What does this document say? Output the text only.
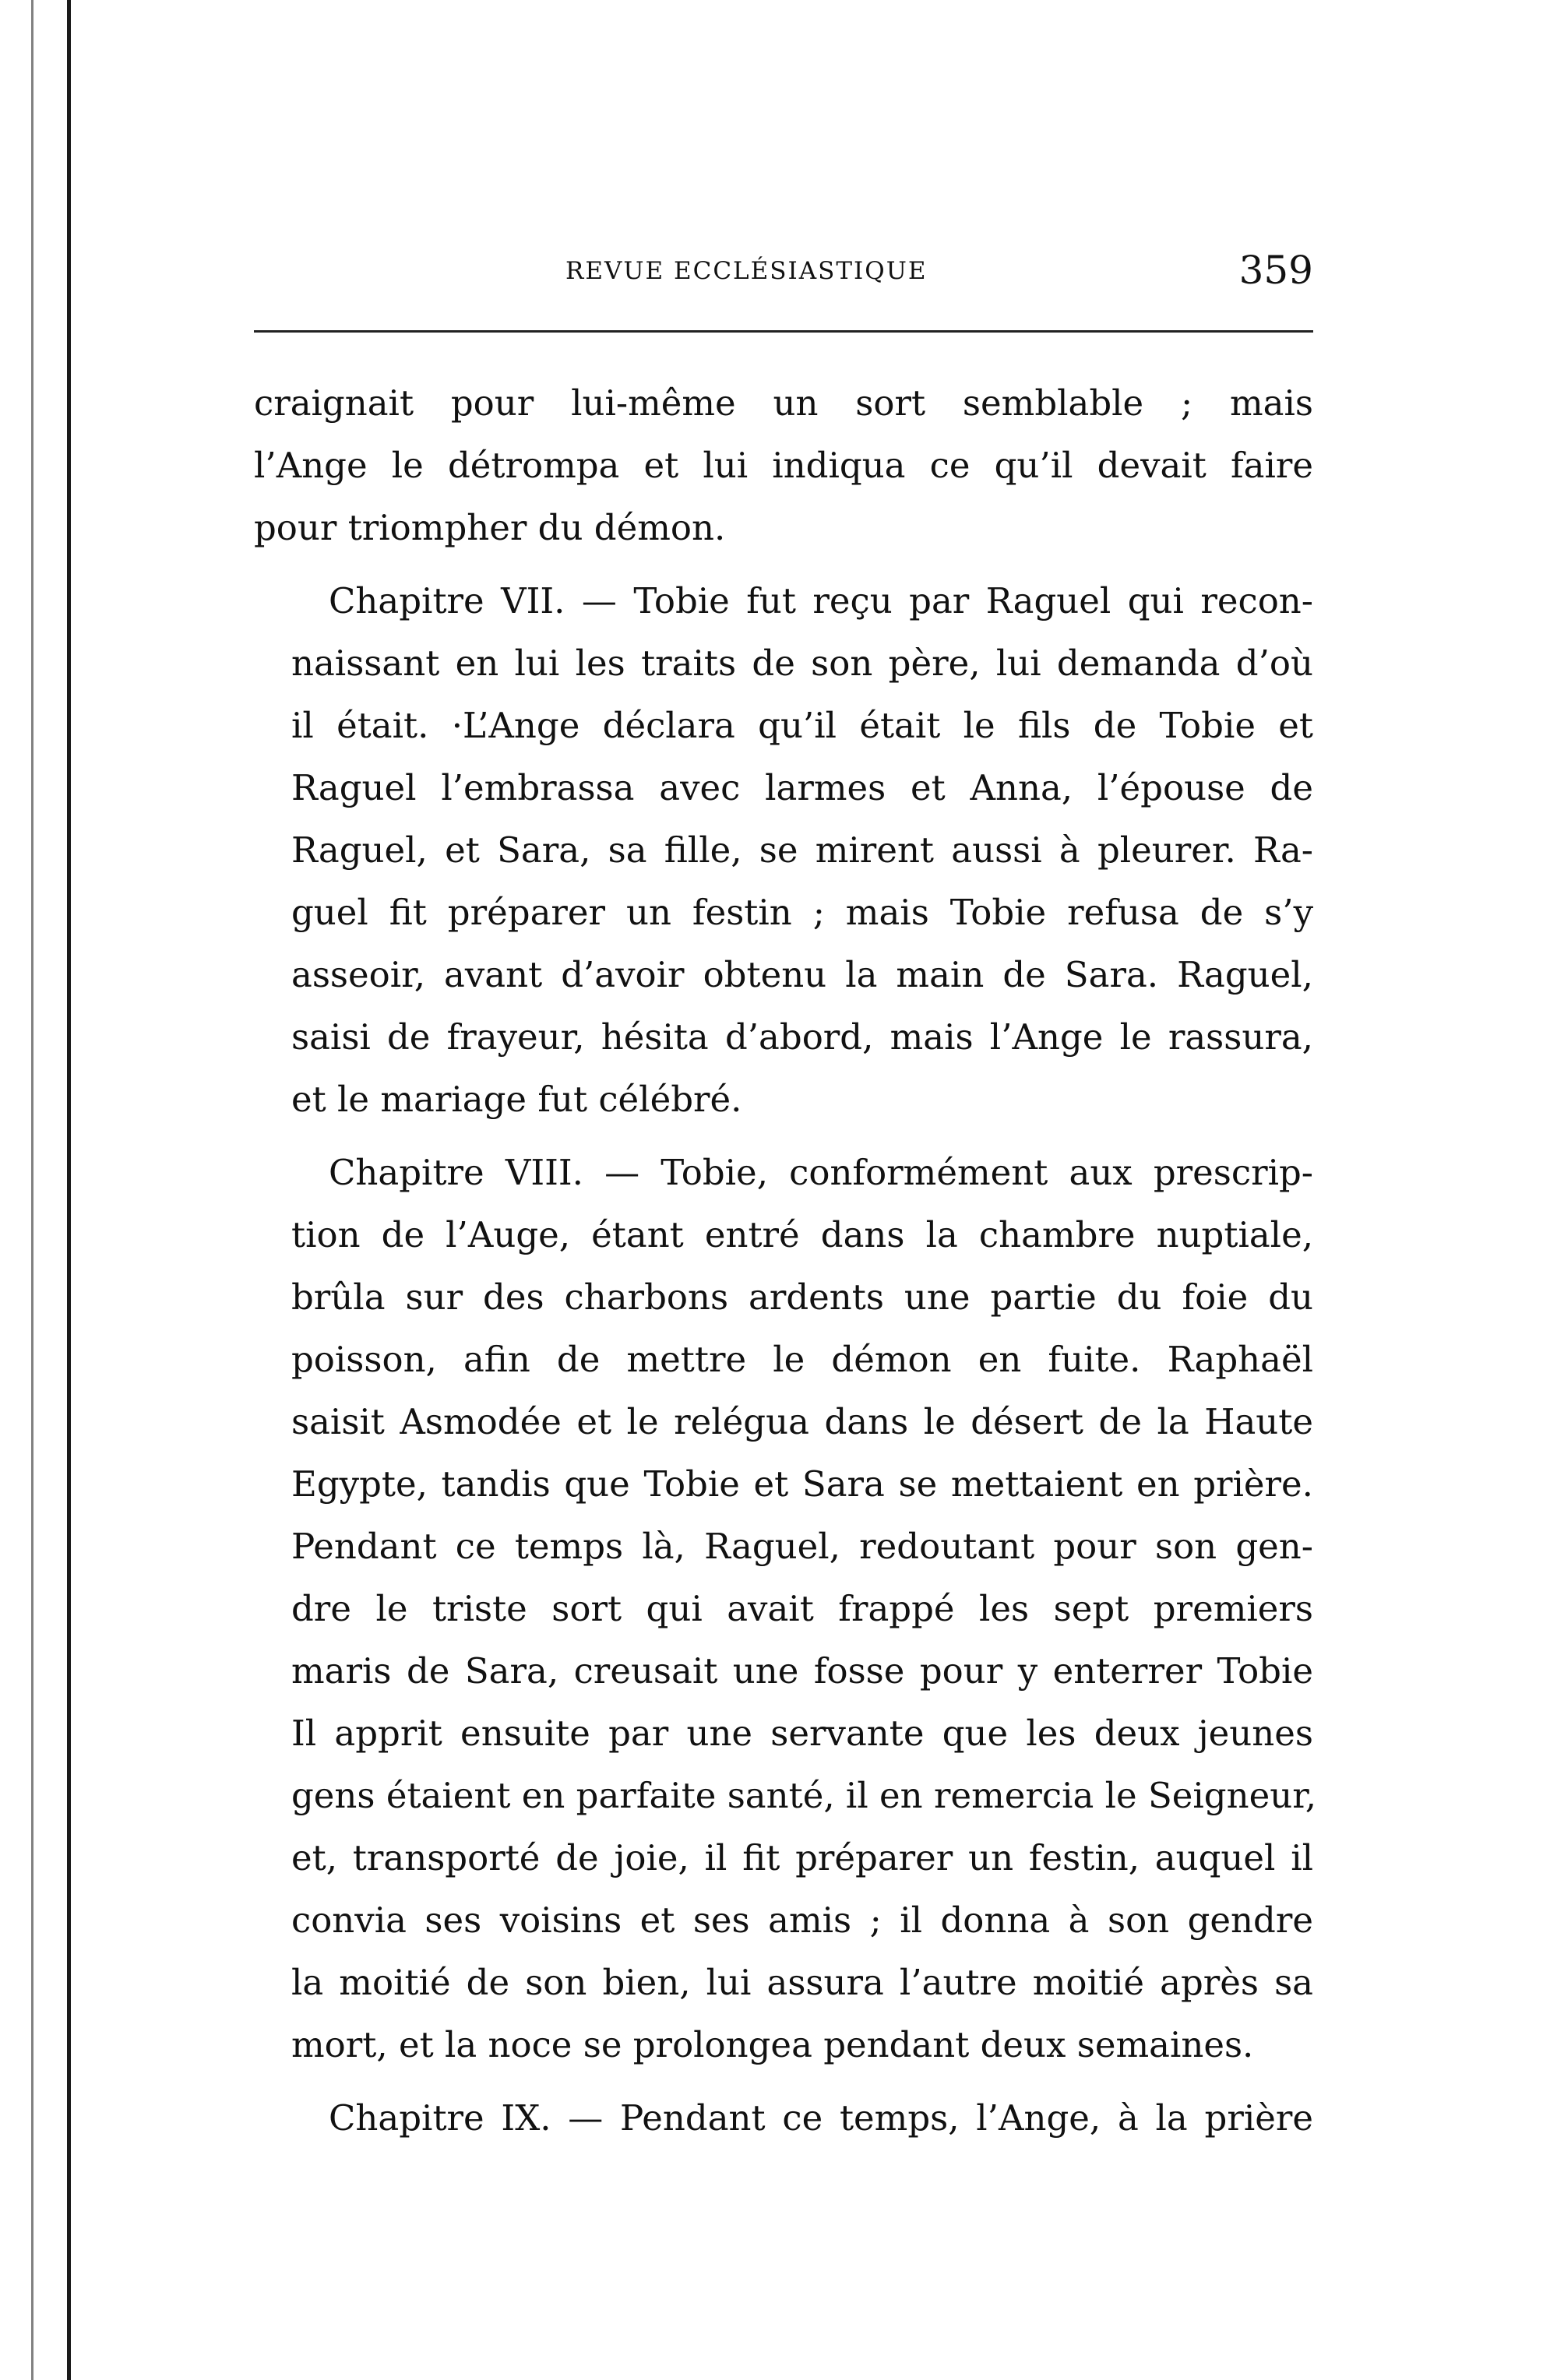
REVUE ECCLÉSIASTIQUE	359

craignait pour lui-même un sort semblable ; mais
l’Ange le détrompa et lui indiqua ce qu’il devait faire
pour triompher du démon.

Chapitre VII. — Tobie fut reçu par Raguel qui recon-
naissant en lui les traits de son père, lui demanda d’où
il était. ·L’Ange déclara qu’il était le fils de Tobie et
Raguel l’embrassa avec larmes et Anna, l’épouse de
Raguel, et Sara, sa fille, se mirent aussi à pleurer. Ra-
guel fit préparer un festin ; mais Tobie refusa de s’y
asseoir, avant d’avoir obtenu la main de Sara. Raguel,
saisi de frayeur, hésita d’abord, mais l’Ange le rassura,
et le mariage fut célébré.

Chapitre VIII. — Tobie, conformément aux prescrip-
tion de l’Auge, étant entré dans la chambre nuptiale,
brûla sur des charbons ardents une partie du foie du
poisson, afin de mettre le démon en fuite. Raphaël
saisit Asmodée et le relégua dans le désert de la Haute
Egypte, tandis que Tobie et Sara se mettaient en prière.
Pendant ce temps là, Raguel, redoutant pour son gen-
dre le triste sort qui avait frappé les sept premiers
maris de Sara, creusait une fosse pour y enterrer Tobie
Il apprit ensuite par une servante que les deux jeunes
gens étaient en parfaite santé, il en remercia le Seigneur,
et, transporté de joie, il fit préparer un festin, auquel il
convia ses voisins et ses amis ; il donna à son gendre
la moitié de son bien, lui assura l’autre moitié après sa
mort, et la noce se prolongea pendant deux semaines.

Chapitre IX. — Pendant ce temps, l’Ange, à la prière
